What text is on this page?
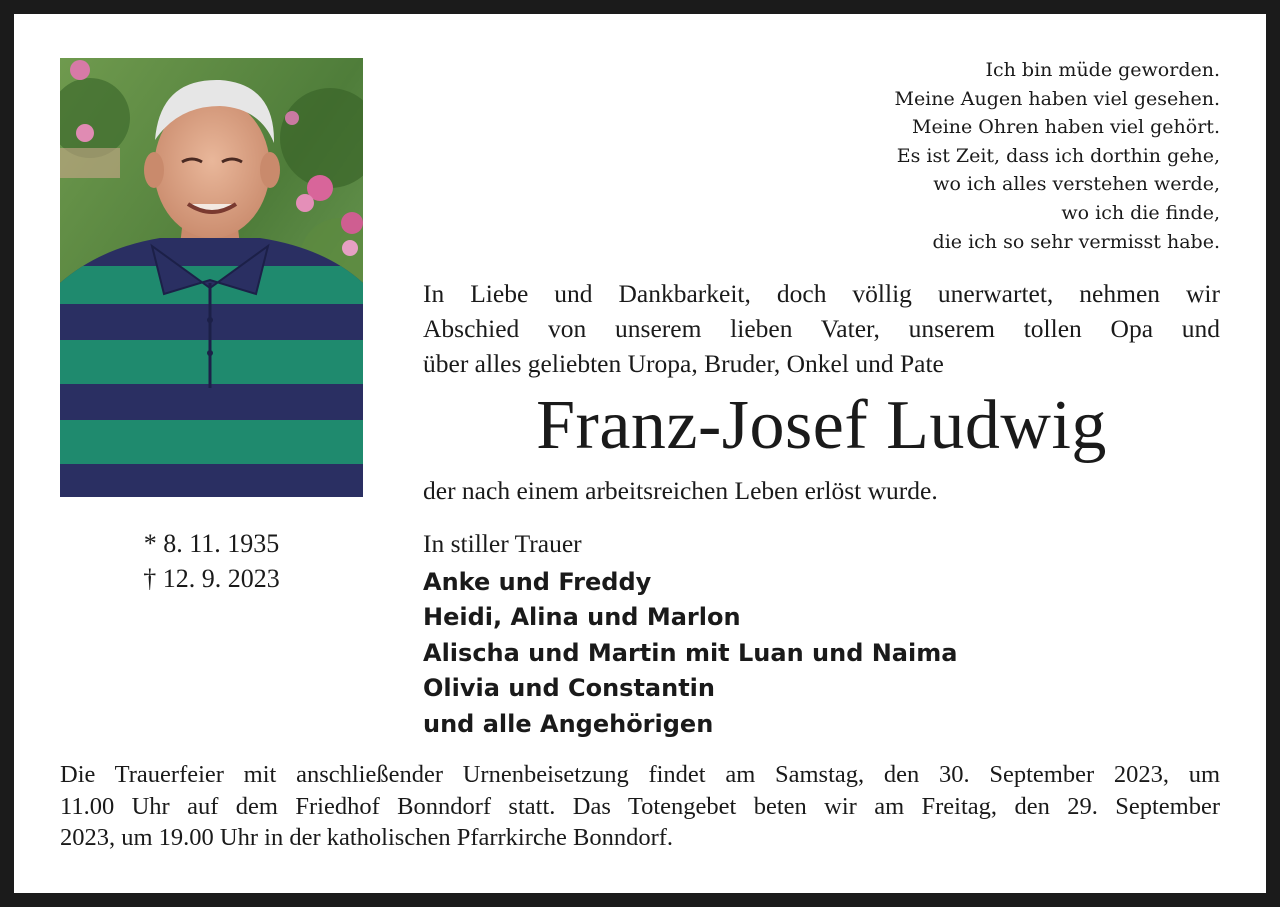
Ich bin müde geworden.
Meine Augen haben viel gesehen.
Meine Ohren haben viel gehört.
Es ist Zeit, dass ich dorthin gehe,
wo ich alles verstehen werde,
wo ich die finde,
die ich so sehr vermisst habe.
In Liebe und Dankbarkeit, doch völlig unerwartet, nehmen wir
Abschied von unserem lieben Vater, unserem tollen Opa und
über alles geliebten Uropa, Bruder, Onkel und Pate
Franz-Josef Ludwig
der nach einem arbeitsreichen Leben erlöst wurde.
* 8. 11. 1935
† 12. 9. 2023
In stiller Trauer
Anke und Freddy
Heidi, Alina und Marlon
Alischa und Martin mit Luan und Naima
Olivia und Constantin
und alle Angehörigen
Die Trauerfeier mit anschließender Urnenbeisetzung findet am Samstag, den 30. September 2023, um
11.00 Uhr auf dem Friedhof Bonndorf statt. Das Totengebet beten wir am Freitag, den 29. September
2023, um 19.00 Uhr in der katholischen Pfarrkirche Bonndorf.
